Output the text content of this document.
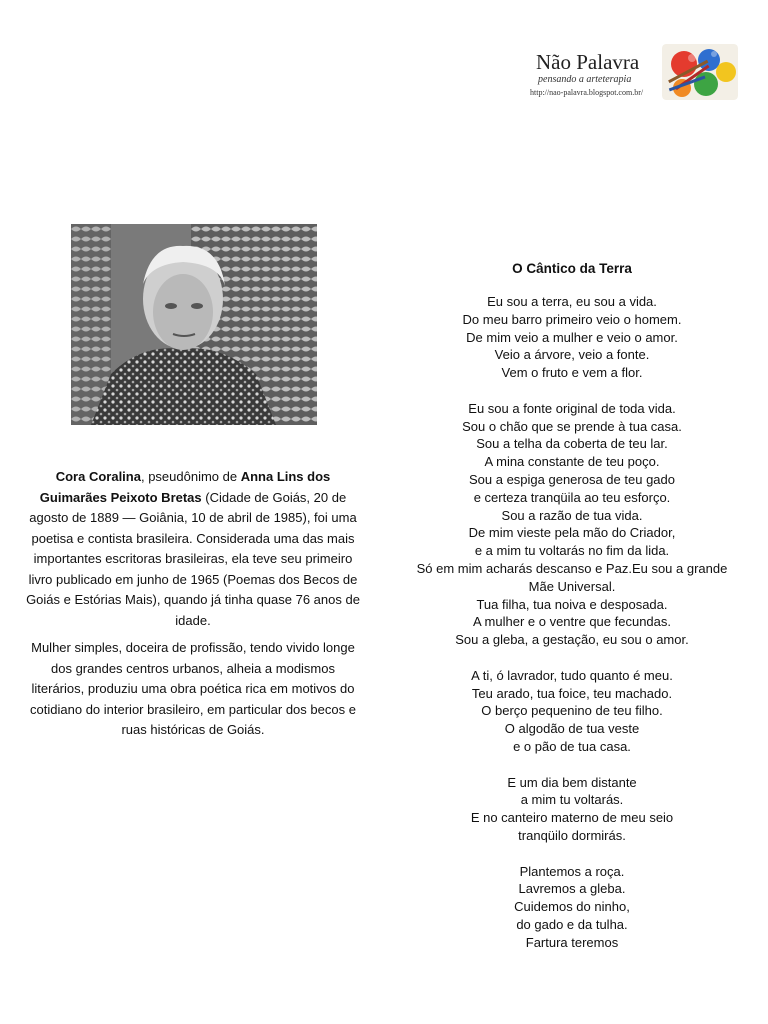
Não Palavra
pensando a arteterapia
http://nao-palavra.blogspot.com.br/

Cora Coralina, pseudônimo de Anna Lins dos Guimarães Peixoto Bretas (Cidade de Goiás, 20 de agosto de 1889 — Goiânia, 10 de abril de 1985), foi uma poetisa e contista brasileira. Considerada uma das mais importantes escritoras brasileiras, ela teve seu primeiro livro publicado em junho de 1965 (Poemas dos Becos de Goiás e Estórias Mais), quando já tinha quase 76 anos de idade.

Mulher simples, doceira de profissão, tendo vivido longe dos grandes centros urbanos, alheia a modismos literários, produziu uma obra poética rica em motivos do cotidiano do interior brasileiro, em particular dos becos e ruas históricas de Goiás.

O Cântico da Terra
Eu sou a terra, eu sou a vida.
Do meu barro primeiro veio o homem.
De mim veio a mulher e veio o amor.
Veio a árvore, veio a fonte.
Vem o fruto e vem a flor.
Eu sou a fonte original de toda vida.
Sou o chão que se prende à tua casa.
Sou a telha da coberta de teu lar.
A mina constante de teu poço.
Sou a espiga generosa de teu gado
e certeza tranqüila ao teu esforço.
Sou a razão de tua vida.
De mim vieste pela mão do Criador,
e a mim tu voltarás no fim da lida.
Só em mim acharás descanso e Paz.Eu sou a grande
Mãe Universal.
Tua filha, tua noiva e desposada.
A mulher e o ventre que fecundas.
Sou a gleba, a gestação, eu sou o amor.
A ti, ó lavrador, tudo quanto é meu.
Teu arado, tua foice, teu machado.
O berço pequenino de teu filho.
O algodão de tua veste
e o pão de tua casa.
E um dia bem distante
a mim tu voltarás.
E no canteiro materno de meu seio
tranqüilo dormirás.
Plantemos a roça.
Lavremos a gleba.
Cuidemos do ninho,
do gado e da tulha.
Fartura teremos
